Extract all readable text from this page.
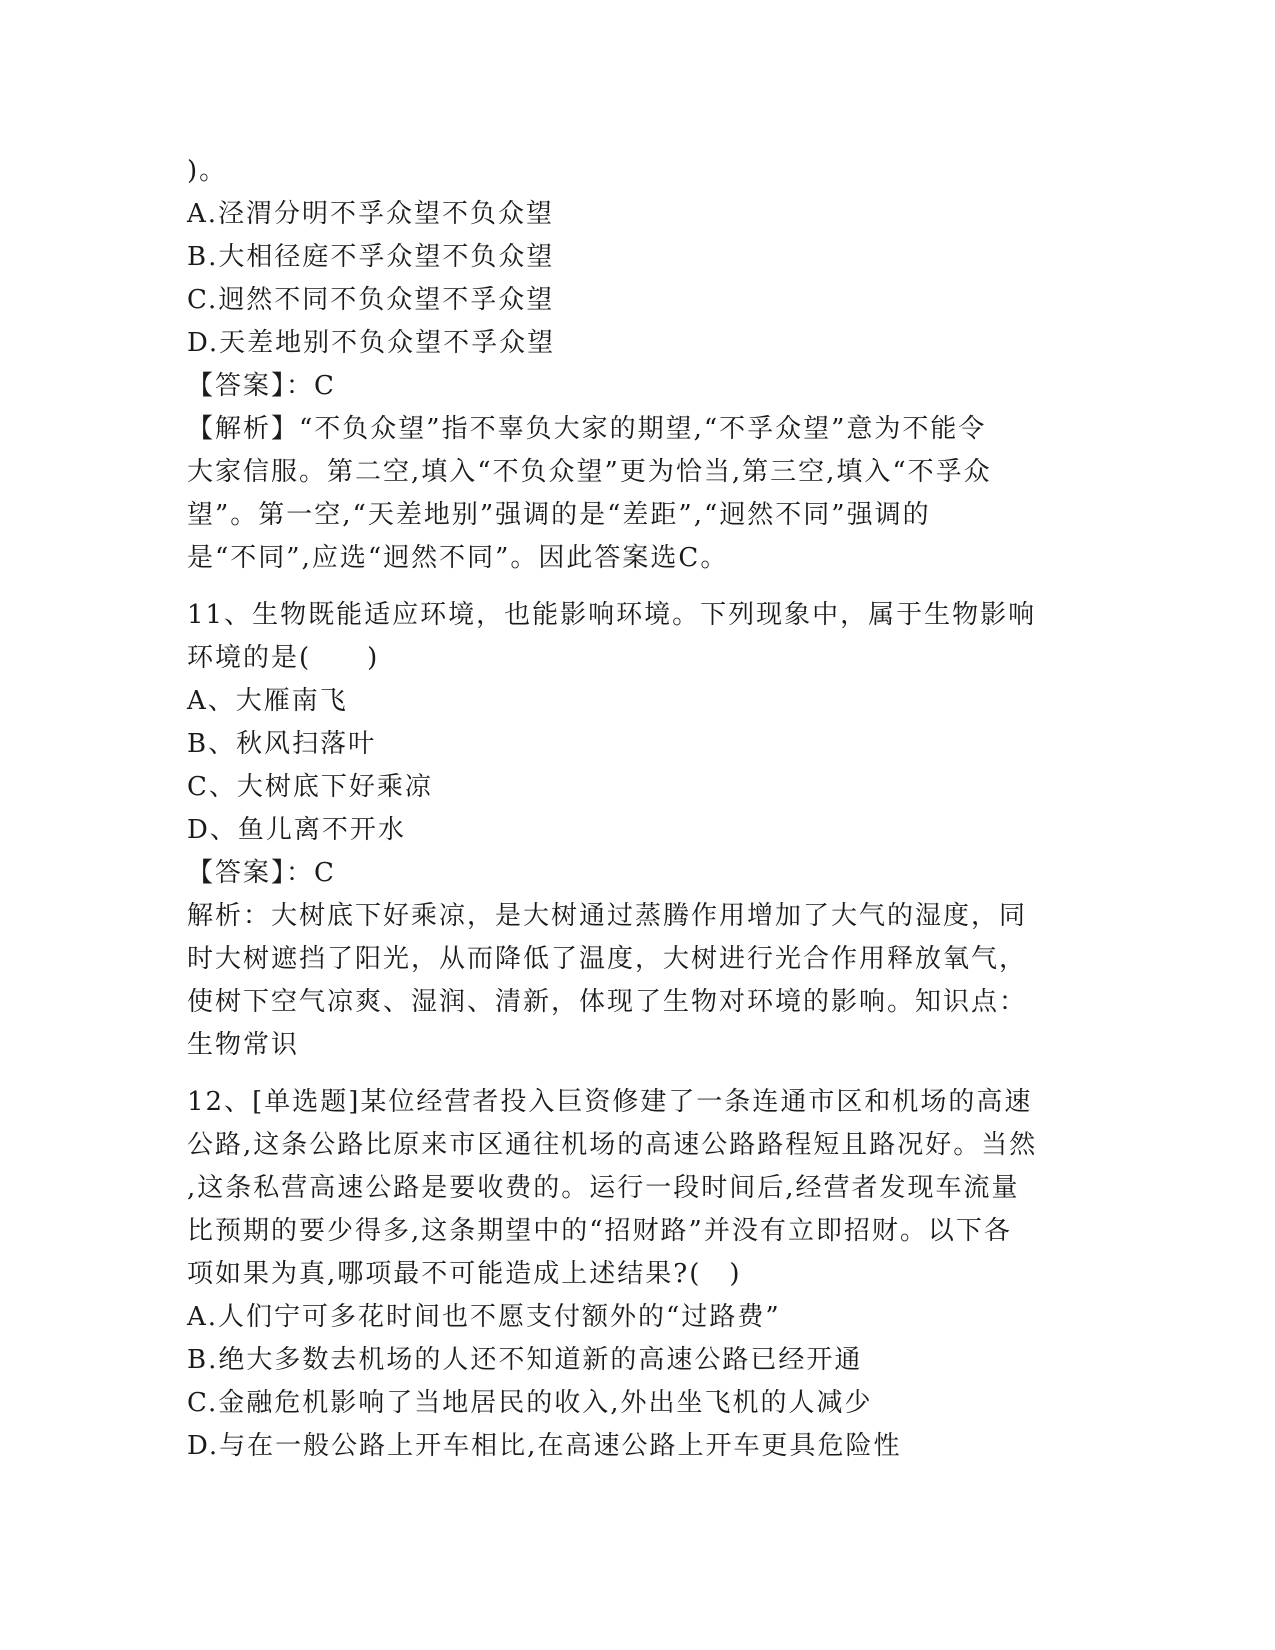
)。
A.泾渭分明不孚众望不负众望
B.大相径庭不孚众望不负众望
C.迥然不同不负众望不孚众望
D.天差地别不负众望不孚众望
【答案】：C
【解析】“不负众望”指不辜负大家的期望,“不孚众望”意为不能令
大家信服。第二空,填入“不负众望”更为恰当,第三空,填入“不孚众
望”。第一空,“天差地别”强调的是“差距”,“迥然不同”强调的
是“不同”,应选“迥然不同”。因此答案选C。
11、生物既能适应环境，也能影响环境。下列现象中，属于生物影响
环境的是(　　)
A、大雁南飞
B、秋风扫落叶
C、大树底下好乘凉
D、鱼儿离不开水
【答案】：C
解析：大树底下好乘凉，是大树通过蒸腾作用增加了大气的湿度，同
时大树遮挡了阳光，从而降低了温度，大树进行光合作用释放氧气，
使树下空气凉爽、湿润、清新，体现了生物对环境的影响。知识点：
生物常识
12、[单选题]某位经营者投入巨资修建了一条连通市区和机场的高速
公路,这条公路比原来市区通往机场的高速公路路程短且路况好。当然
,这条私营高速公路是要收费的。运行一段时间后,经营者发现车流量
比预期的要少得多,这条期望中的“招财路”并没有立即招财。以下各
项如果为真,哪项最不可能造成上述结果?(　)
A.人们宁可多花时间也不愿支付额外的“过路费”
B.绝大多数去机场的人还不知道新的高速公路已经开通
C.金融危机影响了当地居民的收入,外出坐飞机的人减少
D.与在一般公路上开车相比,在高速公路上开车更具危险性
